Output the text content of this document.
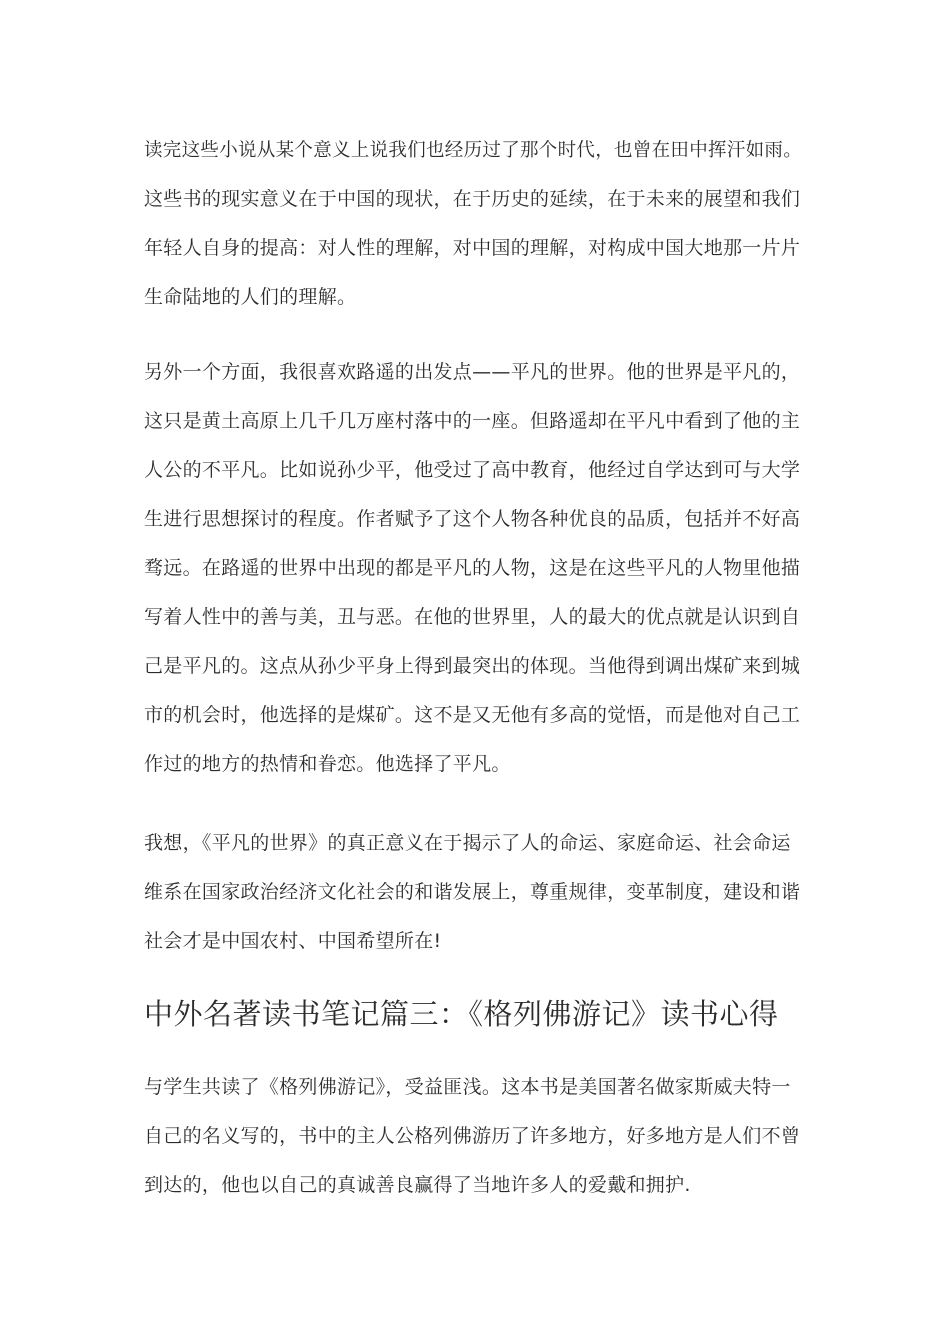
读完这些小说从某个意义上说我们也经历过了那个时代，也曾在田中挥汗如雨。
这些书的现实意义在于中国的现状，在于历史的延续，在于未来的展望和我们
年轻人自身的提高：对人性的理解，对中国的理解，对构成中国大地那一片片
生命陆地的人们的理解。
另外一个方面，我很喜欢路遥的出发点——平凡的世界。他的世界是平凡的，
这只是黄土高原上几千几万座村落中的一座。但路遥却在平凡中看到了他的主
人公的不平凡。比如说孙少平，他受过了高中教育，他经过自学达到可与大学
生进行思想探讨的程度。作者赋予了这个人物各种优良的品质，包括并不好高
骛远。在路遥的世界中出现的都是平凡的人物，这是在这些平凡的人物里他描
写着人性中的善与美，丑与恶。在他的世界里，人的最大的优点就是认识到自
己是平凡的。这点从孙少平身上得到最突出的体现。当他得到调出煤矿来到城
市的机会时，他选择的是煤矿。这不是又无他有多高的觉悟，而是他对自己工
作过的地方的热情和眷恋。他选择了平凡。
我想，《平凡的世界》的真正意义在于揭示了人的命运、家庭命运、社会命运
维系在国家政治经济文化社会的和谐发展上，尊重规律，变革制度，建设和谐
社会才是中国农村、中国希望所在!
中外名著读书笔记篇三：《格列佛游记》读书心得
与学生共读了《格列佛游记》，受益匪浅。这本书是美国著名做家斯威夫特一
自己的名义写的，书中的主人公格列佛游历了许多地方，好多地方是人们不曾
到达的，他也以自己的真诚善良赢得了当地许多人的爱戴和拥护.
